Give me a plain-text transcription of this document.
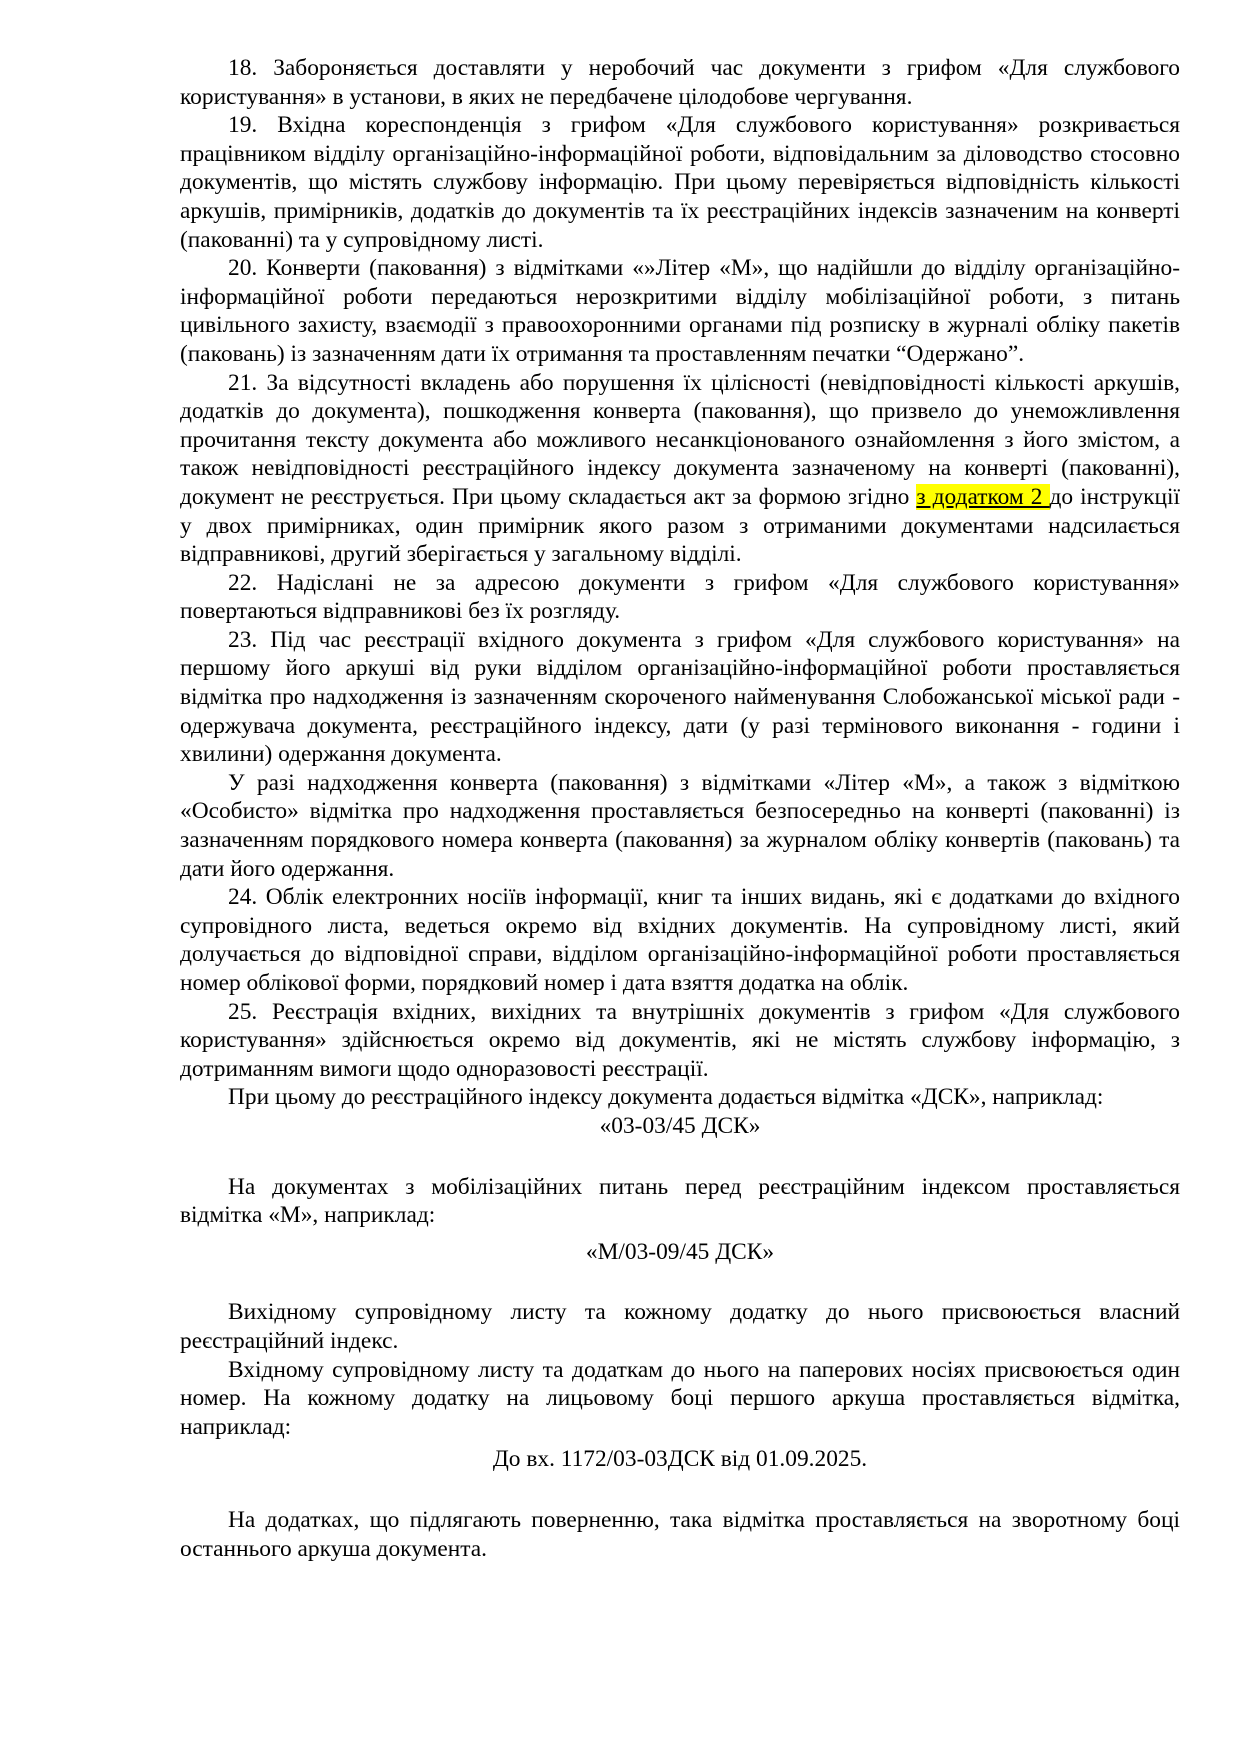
18. Забороняється доставляти у неробочий час документи з грифом «Для службового користування» в установи, в яких не передбачене цілодобове чергування.

19. Вхідна кореспонденція з грифом «Для службового користування» розкривається працівником відділу організаційно-інформаційної роботи, відповідальним за діловодство стосовно документів, що містять службову інформацію. При цьому перевіряється відповідність кількості аркушів, примірників, додатків до документів та їх реєстраційних індексів зазначеним на конверті (пакованні) та у супровідному листі.

20. Конверти (паковання) з відмітками «»Літер «М», що надійшли до відділу організаційно-інформаційної роботи передаються нерозкритими відділу мобілізаційної роботи, з питань цивільного захисту, взаємодії з правоохоронними органами під розписку в журналі обліку пакетів (паковань) із зазначенням дати їх отримання та проставленням печатки “Одержано”.

21. За відсутності вкладень або порушення їх цілісності (невідповідності кількості аркушів, додатків до документа), пошкодження конверта (паковання), що призвело до унеможливлення прочитання тексту документа або можливого несанкціонованого ознайомлення з його змістом, а також невідповідності реєстраційного індексу документа зазначеному на конверті (пакованні), документ не реєструється. При цьому складається акт за формою згідно з додатком 2 до інструкції у двох примірниках, один примірник якого разом з отриманими документами надсилається відправникові, другий зберігається у загальному відділі.

22. Надіслані не за адресою документи з грифом «Для службового користування» повертаються відправникові без їх розгляду.

23. Під час реєстрації вхідного документа з грифом «Для службового користування» на першому його аркуші від руки відділом організаційно-інформаційної роботи проставляється відмітка про надходження із зазначенням скороченого найменування Слобожанської міської ради - одержувача документа, реєстраційного індексу, дати (у разі термінового виконання - години і хвилини) одержання документа.

У разі надходження конверта (паковання) з відмітками «Літер «М», а також з відміткою «Особисто» відмітка про надходження проставляється безпосередньо на конверті (пакованні) із зазначенням порядкового номера конверта (паковання) за журналом обліку конвертів (паковань) та дати його одержання.

24. Облік електронних носіїв інформації, книг та інших видань, які є додатками до вхідного супровідного листа, ведеться окремо від вхідних документів. На супровідному листі, який долучається до відповідної справи, відділом організаційно-інформаційної роботи проставляється номер облікової форми, порядковий номер і дата взяття додатка на облік.

25. Реєстрація вхідних, вихідних та внутрішніх документів з грифом «Для службового користування» здійснюється окремо від документів, які не містять службову інформацію, з дотриманням вимоги щодо одноразовості реєстрації.

При цьому до реєстраційного індексу документа додається відмітка «ДСК», наприклад:

«03-03/45 ДСК»

На документах з мобілізаційних питань перед реєстраційним індексом проставляється відмітка «М», наприклад:

«М/03-09/45 ДСК»

Вихідному супровідному листу та кожному додатку до нього присвоюється власний реєстраційний індекс.

Вхідному супровідному листу та додаткам до нього на паперових носіях присвоюється один номер. На кожному додатку на лицьовому боці першого аркуша проставляється відмітка, наприклад:

До вх. 1172/03-03ДСК від 01.09.2025.

На додатках, що підлягають поверненню, така відмітка проставляється на зворотному боці останнього аркуша документа.
